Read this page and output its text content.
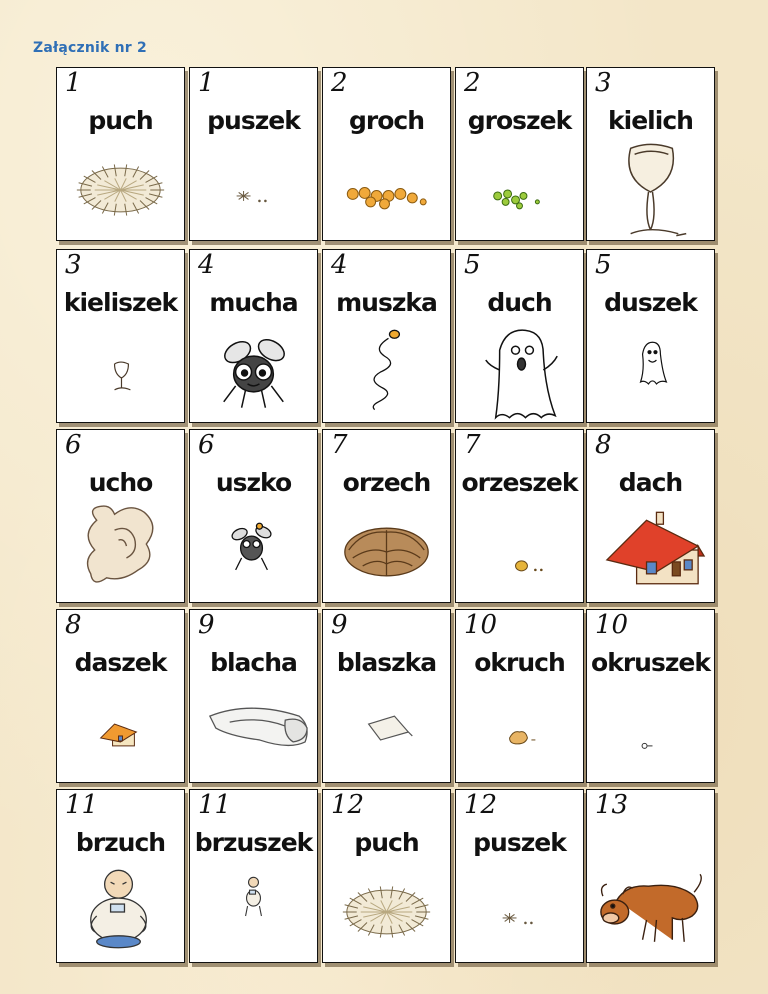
Załącznik nr 2
1
puch
1
puszek
2
groch
2
groszek
3
kielich
3
kieliszek
4
mucha
4
muszka
5
duch
5
duszek
6
ucho
6
uszko
7
orzech
7
orzeszek
8
dach
8
daszek
9
blacha
9
blaszka
10
okruch
10
okruszek
11
brzuch
11
brzuszek
12
puch
12
puszek
13
